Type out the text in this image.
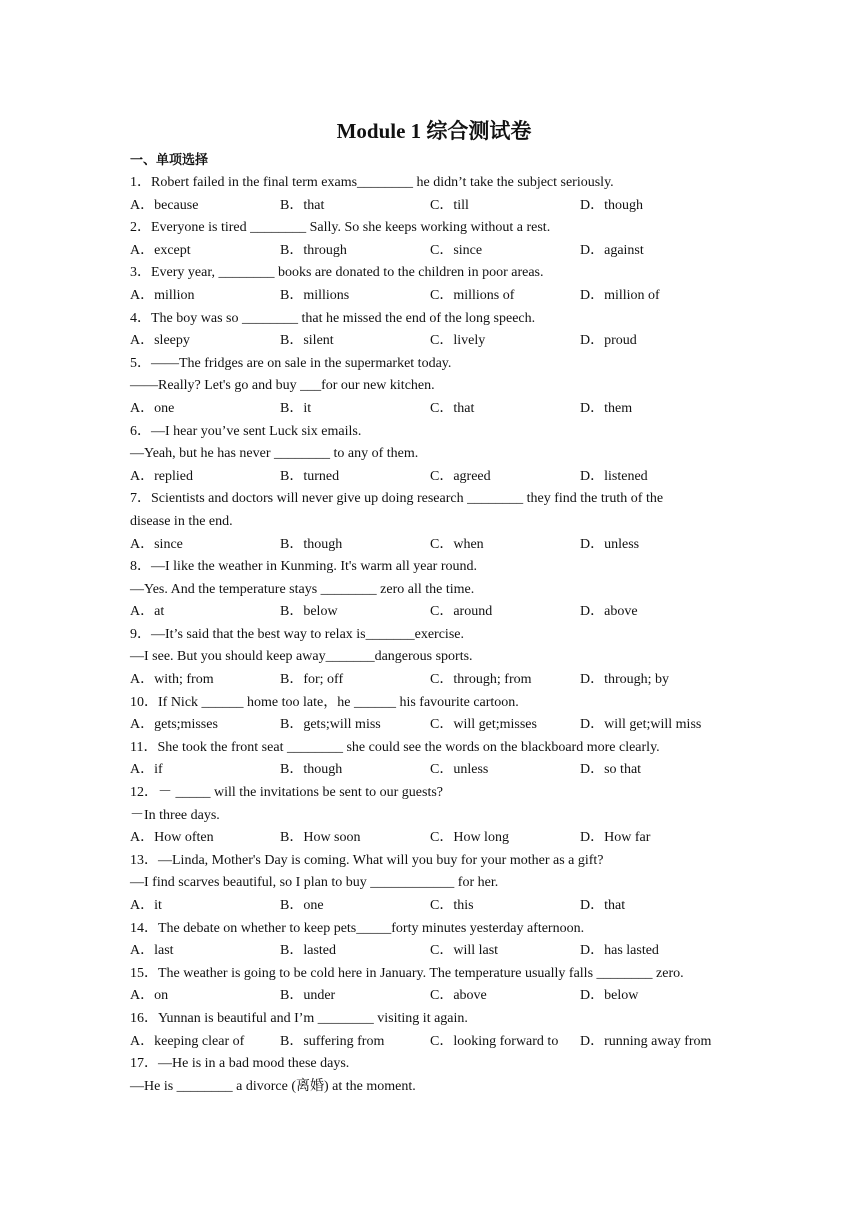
Module 1 综合测试卷
一、单项选择
1．Robert failed in the final term exams________ he didn’t take the subject seriously.
A．because	B．that	C．till	D．though
2．Everyone is tired ________ Sally. So she keeps working without a rest.
A．except	B．through	C．since	D．against
3．Every year, ________ books are donated to the children in poor areas.
A．million	B．millions	C．millions of	D．million of
4．The boy was so ________ that he missed the end of the long speech.
A．sleepy	B．silent	C．lively	D．proud
5．——The fridges are on sale in the supermarket today.
——Really? Let's go and buy ___for our new kitchen.
A．one	B．it	C．that	D．them
6．—I hear you’ve sent Luck six emails.
—Yeah, but he has never ________ to any of them.
A．replied	B．turned	C．agreed	D．listened
7．Scientists and doctors will never give up doing research ________ they find the truth of the
disease in the end.
A．since	B．though	C．when	D．unless
8．—I like the weather in Kunming. It's warm all year round.
—Yes. And the temperature stays ________ zero all the time.
A．at	B．below	C．around	D．above
9．—It’s said that the best way to relax is_______exercise.
—I see. But you should keep away_______dangerous sports.
A．with; from	B．for; off	C．through; from	D．through; by
10．If Nick ______ home too late，he ______ his favourite cartoon.
A．gets;misses	B．gets;will miss	C．will get;misses	D．will get;will miss
11．She took the front seat ________ she could see the words on the blackboard more clearly.
A．if	B．though	C．unless	D．so that
12．－ _____ will the invitations be sent to our guests?
－In three days.
A．How often	B．How soon	C．How long	D．How far
13．—Linda, Mother's Day is coming. What will you buy for your mother as a gift?
—I find scarves beautiful, so I plan to buy ____________ for her.
A．it	B．one	C．this	D．that
14．The debate on whether to keep pets_____forty minutes yesterday afternoon.
A．last	B．lasted	C．will last	D．has lasted
15．The weather is going to be cold here in January. The temperature usually falls ________ zero.
A．on	B．under	C．above	D．below
16．Yunnan is beautiful and I’m ________ visiting it again.
A．keeping clear of	B．suffering from	C．looking forward to	D．running away from
17．—He is in a bad mood these days.
—He is ________ a divorce (离婚) at the moment.
